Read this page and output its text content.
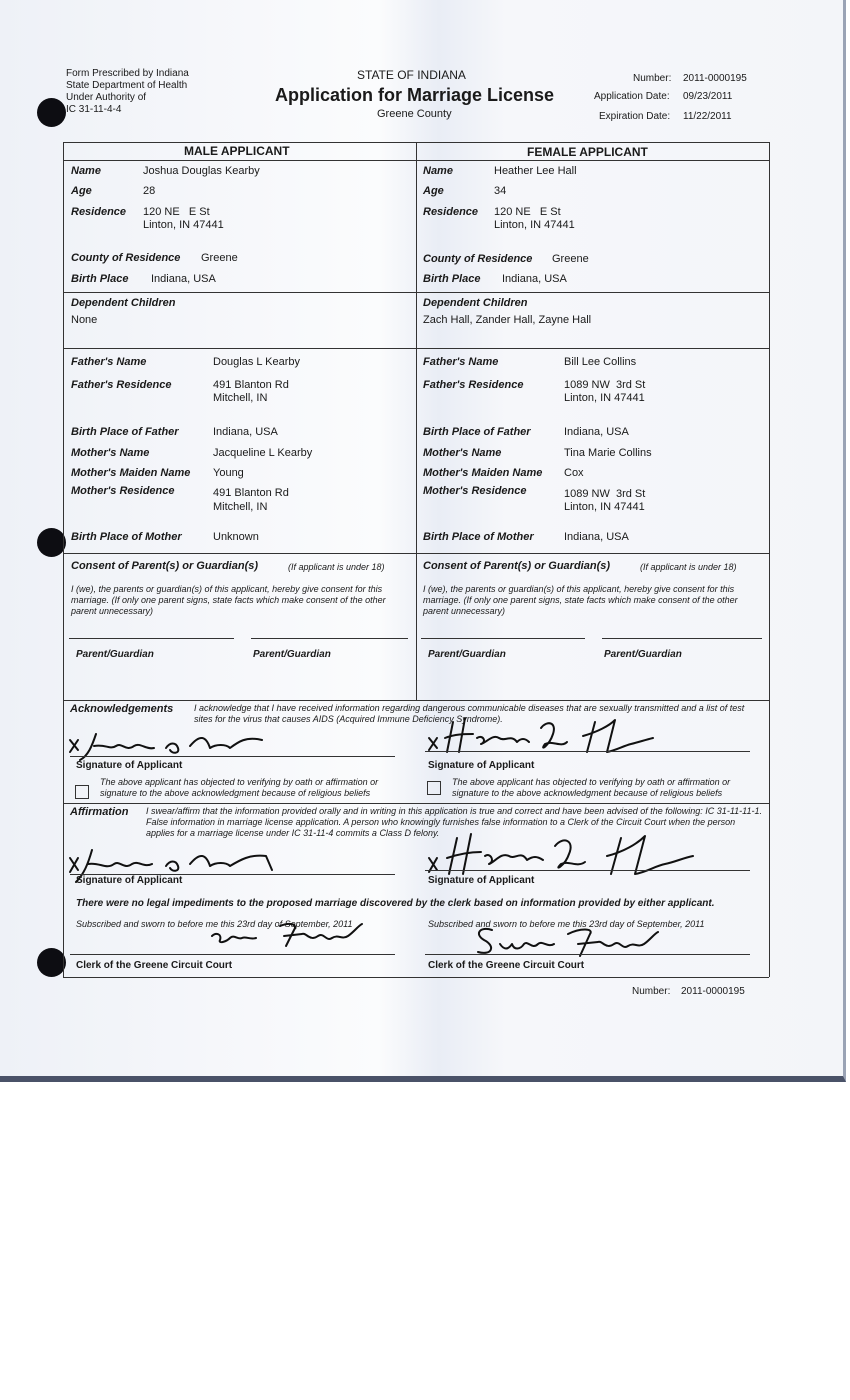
Form Prescribed by Indiana
State Department of Health
Under Authority of
IC 31-11-4-4
STATE OF INDIANA
Application for Marriage License
Greene County
Number: 2011-0000195
Application Date: 09/23/2011
Expiration Date: 11/22/2011
MALE APPLICANT	FEMALE APPLICANT
Name	Joshua Douglas Kearby
Age	28
Residence 120 NE   E St
Linton, IN 47441
County of Residence Greene
Birth Place Indiana, USA
Dependent Children
None
Father's Name	Douglas L Kearby
Father's Residence	491 Blanton Rd
Mitchell, IN
Birth Place of Father	Indiana, USA
Mother's Name	Jacqueline L Kearby
Mother's Maiden Name Young
Mother's Residence	491 Blanton Rd
Mitchell, IN
Birth Place of Mother	Unknown
Consent of Parent(s) or Guardian(s)	(If applicant is under 18)
I (we), the parents or guardian(s) of this applicant, hereby give consent for this marriage. (If only one parent signs, state facts which make consent of the other parent unnecessary)
Parent/Guardian	Parent/Guardian
Name	Heather Lee Hall
Age	34
Residence 120 NE   E St
Linton, IN 47441
County of Residence Greene
Birth Place Indiana, USA
Dependent Children
Zach Hall, Zander Hall, Zayne Hall
Father's Name	Bill Lee Collins
Father's Residence	1089 NW  3rd St
Linton, IN 47441
Birth Place of Father	Indiana, USA
Mother's Name	Tina Marie Collins
Mother's Maiden Name Cox
Mother's Residence	1089 NW  3rd St
Linton, IN 47441
Birth Place of Mother	Indiana, USA
Consent of Parent(s) or Guardian(s)	(If applicant is under 18)
I (we), the parents or guardian(s) of this applicant, hereby give consent for this marriage. (If only one parent signs, state facts which make consent of the other parent unnecessary)
Parent/Guardian	Parent/Guardian
Acknowledgements I acknowledge that I have received information regarding dangerous communicable diseases that are sexually transmitted and a list of test sites for the virus that causes AIDS (Acquired Immune Deficiency Syndrome).
Signature of Applicant	Signature of Applicant
The above applicant has objected to verifying by oath or affirmation or signature to the above acknowledgment because of religious beliefs
The above applicant has objected to verifying by oath or affirmation or signature to the above acknowledgment because of religious beliefs
Affirmation I swear/affirm that the information provided orally and in writing in this application is true and correct and have been advised of the following: IC 31-11-11-1. False information in marriage license application. A person who knowingly furnishes false information to a Clerk of the Circuit Court when the person applies for a marriage license under IC 31-11-4 commits a Class D felony.
Signature of Applicant	Signature of Applicant
There were no legal impediments to the proposed marriage discovered by the clerk based on information provided by either applicant.
Subscribed and sworn to before me this 23rd day of September, 2011
Clerk of the Greene Circuit Court
Subscribed and sworn to before me this 23rd day of September, 2011
Clerk of the Greene Circuit Court
Number: 2011-0000195
